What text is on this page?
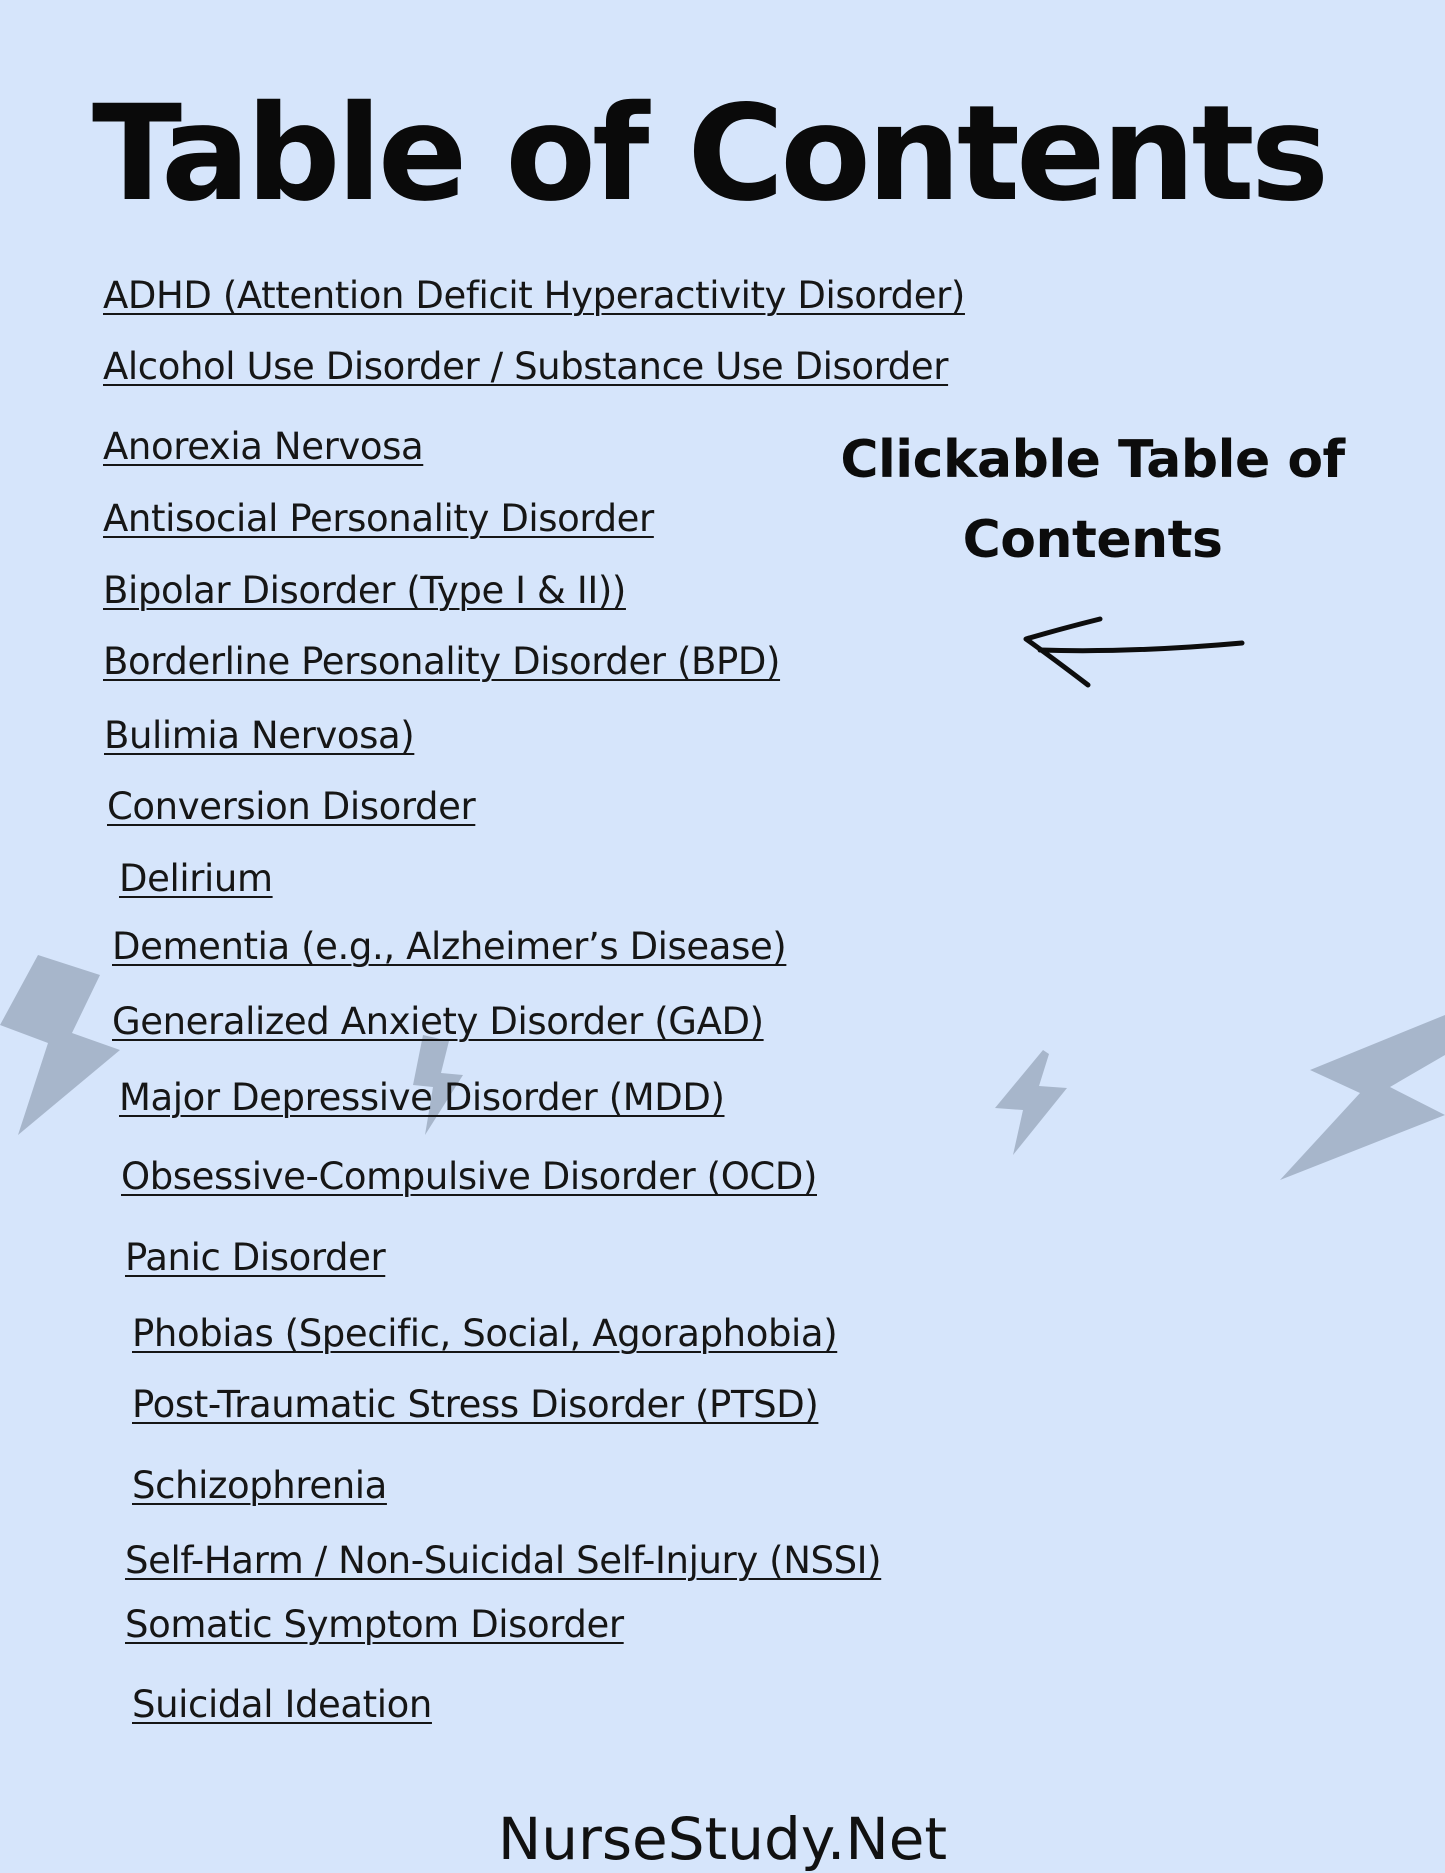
Table of Contents
ADHD (Attention Deficit Hyperactivity Disorder)
Alcohol Use Disorder / Substance Use Disorder
Anorexia Nervosa
Antisocial Personality Disorder
Bipolar Disorder (Type I & II))
Borderline Personality Disorder (BPD)
Bulimia Nervosa)
Conversion Disorder
Delirium
Dementia (e.g., Alzheimer’s Disease)
Generalized Anxiety Disorder (GAD)
Major Depressive Disorder (MDD)
Obsessive-Compulsive Disorder (OCD)
Panic Disorder
Phobias (Specific, Social, Agoraphobia)
Post-Traumatic Stress Disorder (PTSD)
Schizophrenia
Self-Harm / Non-Suicidal Self-Injury (NSSI)
Somatic Symptom Disorder
Suicidal Ideation
Clickable Table of
Contents
NurseStudy.Net
